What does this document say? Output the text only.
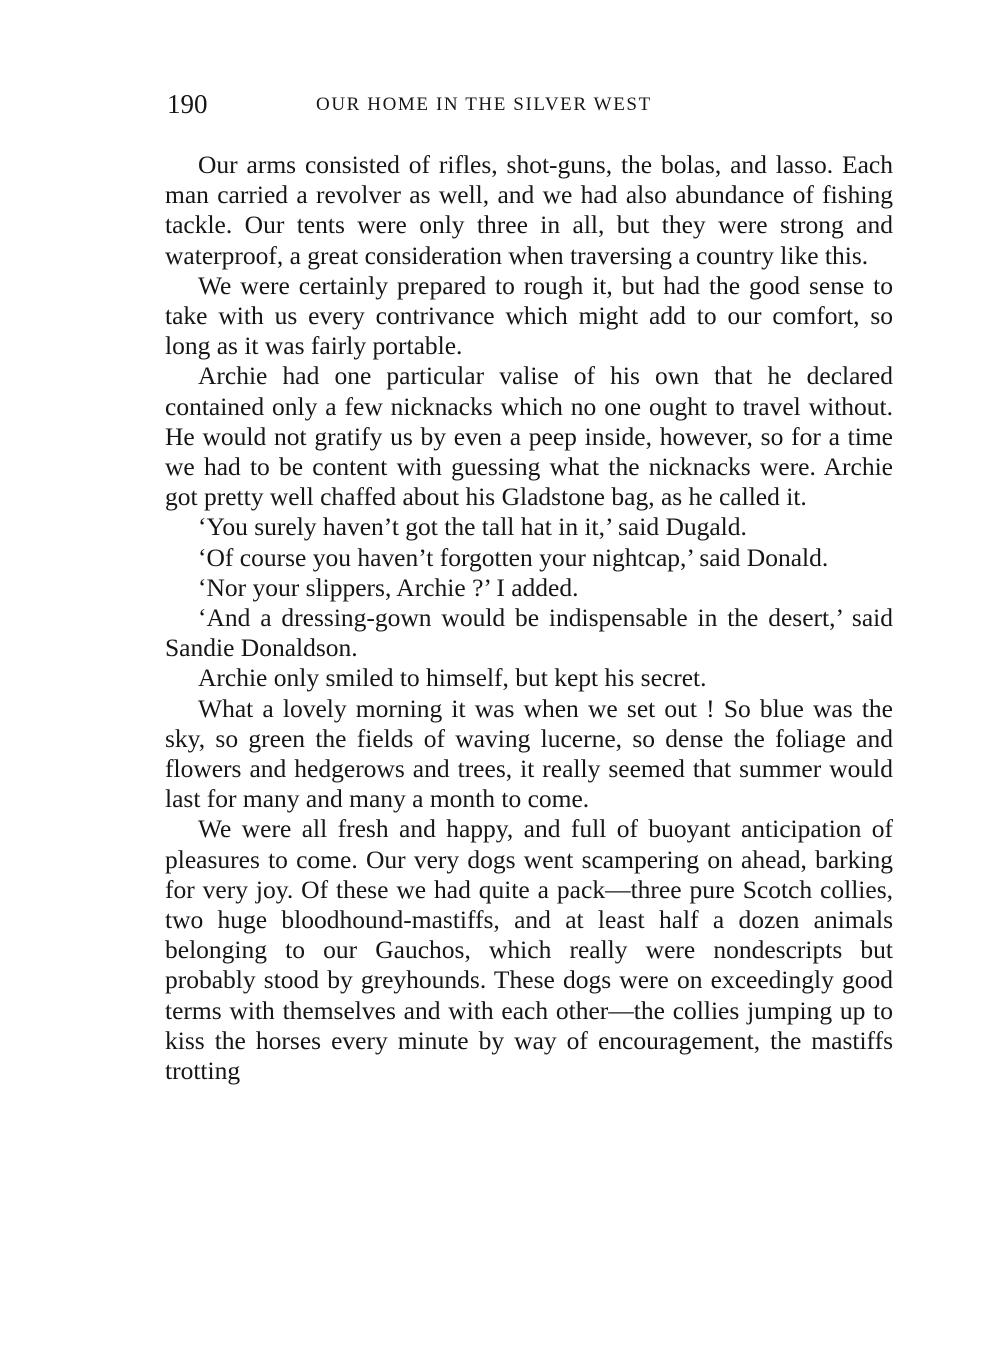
190	OUR HOME IN THE SILVER WEST

Our arms consisted of rifles, shot-guns, the bolas, and lasso. Each man carried a revolver as well, and we had also abundance of fishing tackle. Our tents were only three in all, but they were strong and waterproof, a great consideration when traversing a country like this.

We were certainly prepared to rough it, but had the good sense to take with us every contrivance which might add to our comfort, so long as it was fairly portable.

Archie had one particular valise of his own that he declared contained only a few nicknacks which no one ought to travel without. He would not gratify us by even a peep inside, however, so for a time we had to be content with guessing what the nicknacks were. Archie got pretty well chaffed about his Gladstone bag, as he called it.

‘You surely haven’t got the tall hat in it,’ said Dugald.

‘Of course you haven’t forgotten your nightcap,’ said Donald.

‘Nor your slippers, Archie ?’ I added.

‘And a dressing-gown would be indispensable in the desert,’ said Sandie Donaldson.

Archie only smiled to himself, but kept his secret.

What a lovely morning it was when we set out ! So blue was the sky, so green the fields of waving lucerne, so dense the foliage and flowers and hedgerows and trees, it really seemed that summer would last for many and many a month to come.

We were all fresh and happy, and full of buoyant anticipation of pleasures to come. Our very dogs went scampering on ahead, barking for very joy. Of these we had quite a pack—three pure Scotch collies, two huge bloodhound-mastiffs, and at least half a dozen animals belonging to our Gauchos, which really were nondescripts but probably stood by greyhounds. These dogs were on exceedingly good terms with themselves and with each other—the collies jumping up to kiss the horses every minute by way of encouragement, the mastiffs trotting
